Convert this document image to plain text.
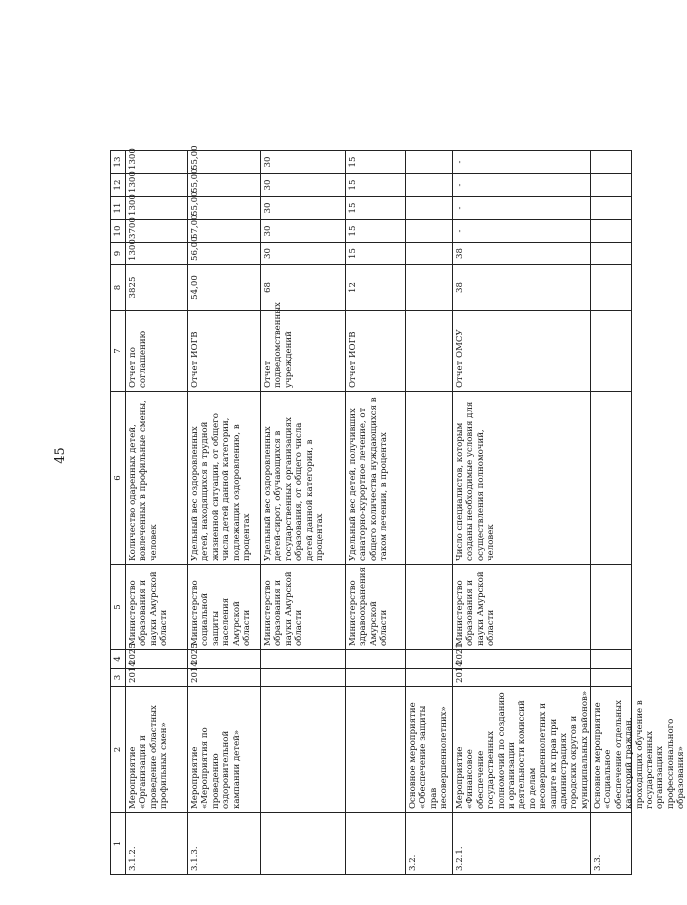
45
1
2
3
4
5
6
7
8
9
10
11
12
13
3.1.2.
Мероприятие «Организация и проведение областных профильных смен»
2014
2025
Министерство образования и науки Амурской области
Количество одаренных детей, вовлеченных в профильные смены, человек
Отчет по соглашению
3825
1300
3700
1300
1300
1300
3.1.3.
Мероприятие «Мероприятия по проведению оздоровительной кампании детей»
2014
2025
Министерство социальной защиты населения Амурской области
Удельный вес оздоровленных детей, находящихся в трудной жизненной ситуации, от общего числа детей данной категории, подлежащих оздоровлению, в процентах
Отчет ИОГВ
54,00
56,00
57,00
55,00
55,00
55,00
Министерство образования и науки Амурской области
Удельный вес оздоровленных детей-сирот, обучающихся в государственных организациях образования, от общего числа детей данной категории, в процентах
Отчет подведомственных учреждений
68
30
30
30
30
30
Министерство здравоохранения Амурской области
Удельный вес детей, получивших санаторно-курортное лечение, от общего количества нуждающихся в таком лечении, в процентах
Отчет ИОГВ
12
15
15
15
15
15
3.2.
Основное мероприятие «Обеспечение защиты прав несовершеннолетних»
3.2.1.
Мероприятие «Финансовое обеспечение государственных полномочий по созданию и организации деятельности комиссий по делам несовершеннолетних и защите их прав при администрациях городских округов и муниципальных районов»
2014
2021
Министерство образования и науки Амурской области
Число специалистов, которым созданы необходимые условия для осуществления полномочий, человек
Отчет ОМСУ
38
38
-
-
-
-
3.3.
Основное мероприятие «Социальное обеспечение отдельных категорий граждан, проходящих обучение в государственных организациях профессионального образования»
